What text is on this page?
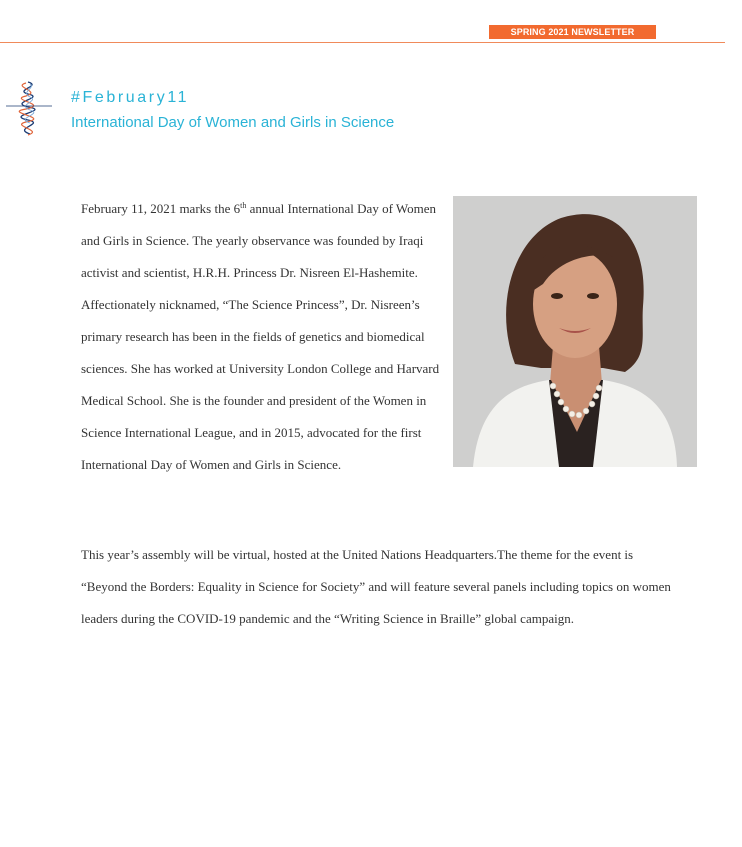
SPRING 2021 NEWSLETTER
#February11
International Day of Women and Girls in Science

February 11, 2021 marks the 6th annual International Day of Women and Girls in Science. The yearly observance was founded by Iraqi activist and scientist, H.R.H. Princess Dr. Nisreen El-Hashemite. Affectionately nicknamed, “The Science Princess”, Dr. Nisreen’s primary research has been in the fields of genetics and biomedical sciences. She has worked at University London College and Harvard Medical School. She is the founder and president of the Women in Science International League, and in 2015, advocated for the first International Day of Women and Girls in Science.

This year’s assembly will be virtual, hosted at the United Nations Headquarters.The theme for the event is “Beyond the Borders: Equality in Science for Society” and will feature several panels including topics on women leaders during the COVID-19 pandemic and the “Writing Science in Braille” global campaign.
